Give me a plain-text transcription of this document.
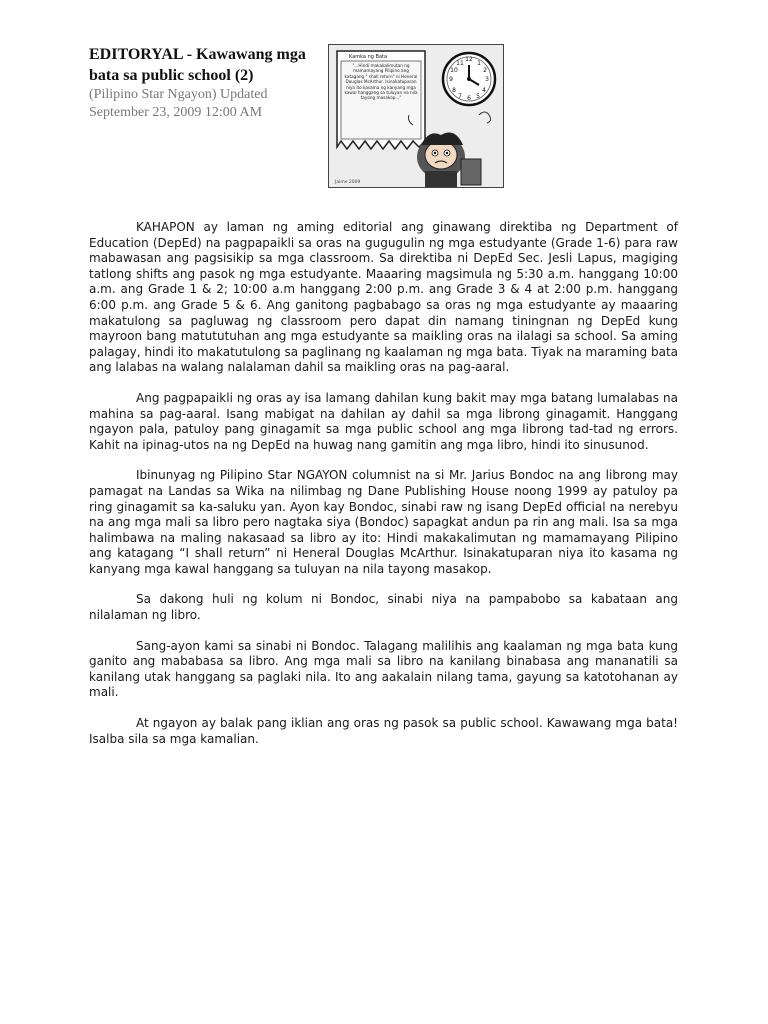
EDITORYAL - Kawawang mga bata sa public school (2)

(Pilipino Star Ngayon) Updated

September 23, 2009 12:00 AM

Kamka ng Bata
"...Hindi makakalimutan ng mamamayang Pilipino ang katagang " shall return" ni Heneral Douglas McArthur. Isinakatuparan niya ito kasama ng kanyang mga kawal hanggang sa tuluyan na nila tayong masakop..."
12
3
6
9
1
2
4
5
7
8
10
11
Jaime 2009

KAHAPON ay laman ng aming editorial ang ginawang direktiba ng Department of Education (DepEd) na pagpapaikli sa oras na gugugulin ng mga estudyante (Grade 1-6) para raw mabawasan ang pagsisikip sa mga classroom. Sa direktiba ni DepEd Sec. Jesli Lapus, magiging tatlong shifts ang pasok ng mga estudyante. Maaaring magsimula ng 5:30 a.m. hanggang 10:00 a.m. ang Grade 1 & 2; 10:00 a.m hanggang 2:00 p.m. ang Grade 3 & 4 at 2:00 p.m. hanggang 6:00 p.m. ang Grade 5 & 6. Ang ganitong pagbabago sa oras ng mga estudyante ay maaaring makatulong sa pagluwag ng classroom pero dapat din namang tiningnan ng DepEd kung mayroon bang matututuhan ang mga estudyante sa maikling oras na ilalagi sa school. Sa aming palagay, hindi ito makatutulong sa paglinang ng kaalaman ng mga bata. Tiyak na maraming bata ang lalabas na walang nalalaman dahil sa maikling oras na pag-aaral.

Ang pagpapaikli ng oras ay isa lamang dahilan kung bakit may mga batang lumalabas na mahina sa pag-aaral. Isang mabigat na dahilan ay dahil sa mga librong ginagamit. Hanggang ngayon pala, patuloy pang ginagamit sa mga public school ang mga librong tad-tad ng errors. Kahit na ipinag-utos na ng DepEd na huwag nang gamitin ang mga libro, hindi ito sinusunod.

Ibinunyag ng Pilipino Star NGAYON columnist na si Mr. Jarius Bondoc na ang librong may pamagat na Landas sa Wika na nilimbag ng Dane Publishing House noong 1999 ay patuloy pa ring ginagamit sa ka-saluku yan. Ayon kay Bondoc, sinabi raw ng isang DepEd official na nerebyu na ang mga mali sa libro pero nagtaka siya (Bondoc) sapagkat andun pa rin ang mali. Isa sa mga halimbawa na maling nakasaad sa libro ay ito: Hindi makakalimutan ng mamamayang Pilipino ang katagang “I shall return” ni Heneral Douglas McArthur. Isinakatuparan niya ito kasama ng kanyang mga kawal hanggang sa tuluyan na nila tayong masakop.

Sa dakong huli ng kolum ni Bondoc, sinabi niya na pampabobo sa kabataan ang nilalaman ng libro.

Sang-ayon kami sa sinabi ni Bondoc. Talagang malilihis ang kaalaman ng mga bata kung ganito ang mababasa sa libro. Ang mga mali sa libro na kanilang binabasa ang mananatili sa kanilang utak hanggang sa paglaki nila. Ito ang aakalain nilang tama, gayung sa katotohanan ay mali.

At ngayon ay balak pang iklian ang oras ng pasok sa public school. Kawawang mga bata! Isalba sila sa mga kamalian.
